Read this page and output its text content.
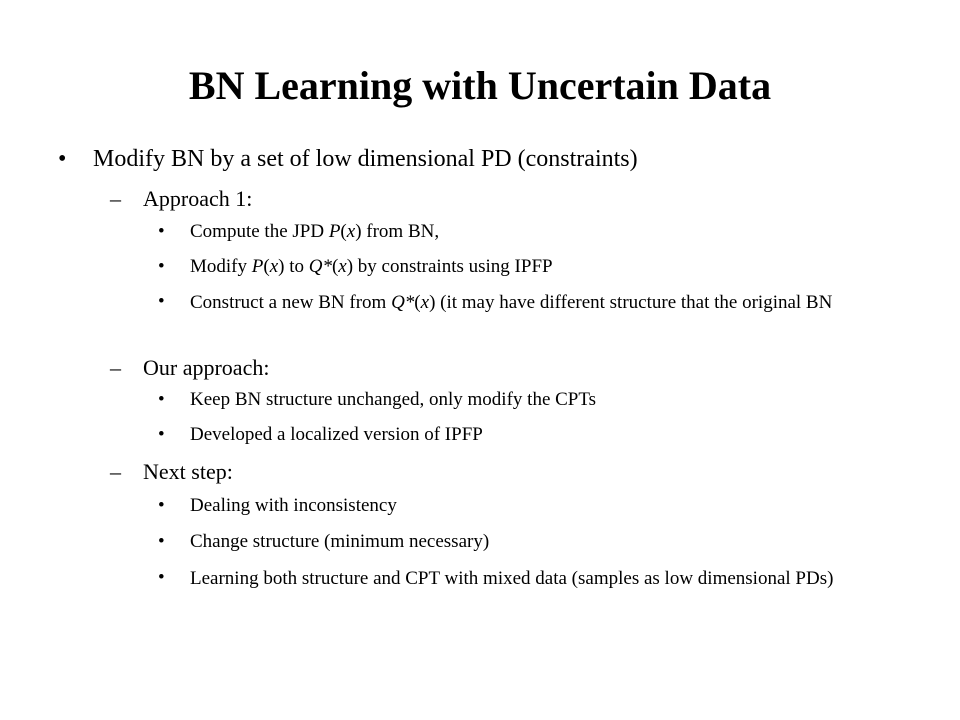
BN Learning with Uncertain Data
• Modify BN by a set of low dimensional PD (constraints)
– Approach 1:
• Compute the JPD P(x) from BN,
• Modify P(x) to Q*(x) by constraints using IPFP
• Construct a new BN from Q*(x) (it may have different structure that the original BN
– Our approach:
• Keep BN structure unchanged, only modify the CPTs
• Developed a localized version of IPFP
– Next step:
• Dealing with inconsistency
• Change structure (minimum necessary)
• Learning both structure and CPT with mixed data (samples as low dimensional PDs)
